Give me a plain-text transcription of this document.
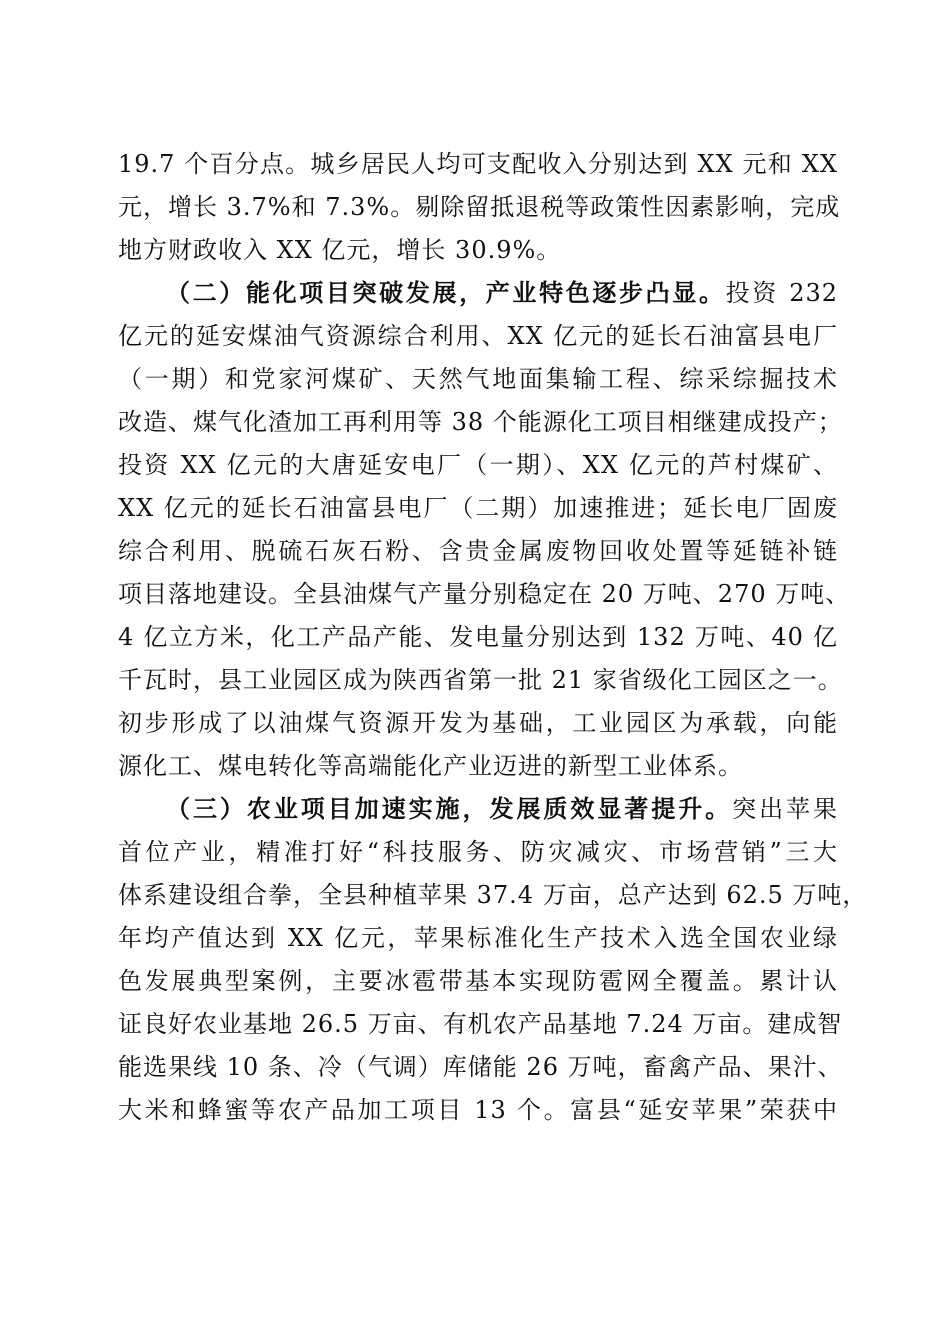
19.7 个百分点。城乡居民人均可支配收入分别达到 XX 元和 XX
元，增长 3.7%和 7.3%。剔除留抵退税等政策性因素影响，完成
地方财政收入 XX 亿元，增长 30.9%。
（二）能化项目突破发展，产业特色逐步凸显。投资 232
亿元的延安煤油气资源综合利用、XX 亿元的延长石油富县电厂
（一期）和党家河煤矿、天然气地面集输工程、综采综掘技术
改造、煤气化渣加工再利用等 38 个能源化工项目相继建成投产；
投资 XX 亿元的大唐延安电厂（一期）、XX 亿元的芦村煤矿、
XX 亿元的延长石油富县电厂（二期）加速推进；延长电厂固废
综合利用、脱硫石灰石粉、含贵金属废物回收处置等延链补链
项目落地建设。全县油煤气产量分别稳定在 20 万吨、270 万吨、
4 亿立方米，化工产品产能、发电量分别达到 132 万吨、40 亿
千瓦时，县工业园区成为陕西省第一批 21 家省级化工园区之一。
初步形成了以油煤气资源开发为基础，工业园区为承载，向能
源化工、煤电转化等高端能化产业迈进的新型工业体系。
（三）农业项目加速实施，发展质效显著提升。突出苹果
首位产业，精准打好“科技服务、防灾减灾、市场营销”三大
体系建设组合拳，全县种植苹果 37.4 万亩，总产达到 62.5 万吨，
年均产值达到 XX 亿元，苹果标准化生产技术入选全国农业绿
色发展典型案例，主要冰雹带基本实现防雹网全覆盖。累计认
证良好农业基地 26.5 万亩、有机农产品基地 7.24 万亩。建成智
能选果线 10 条、冷（气调）库储能 26 万吨，畜禽产品、果汁、
大米和蜂蜜等农产品加工项目 13 个。富县“延安苹果”荣获中
